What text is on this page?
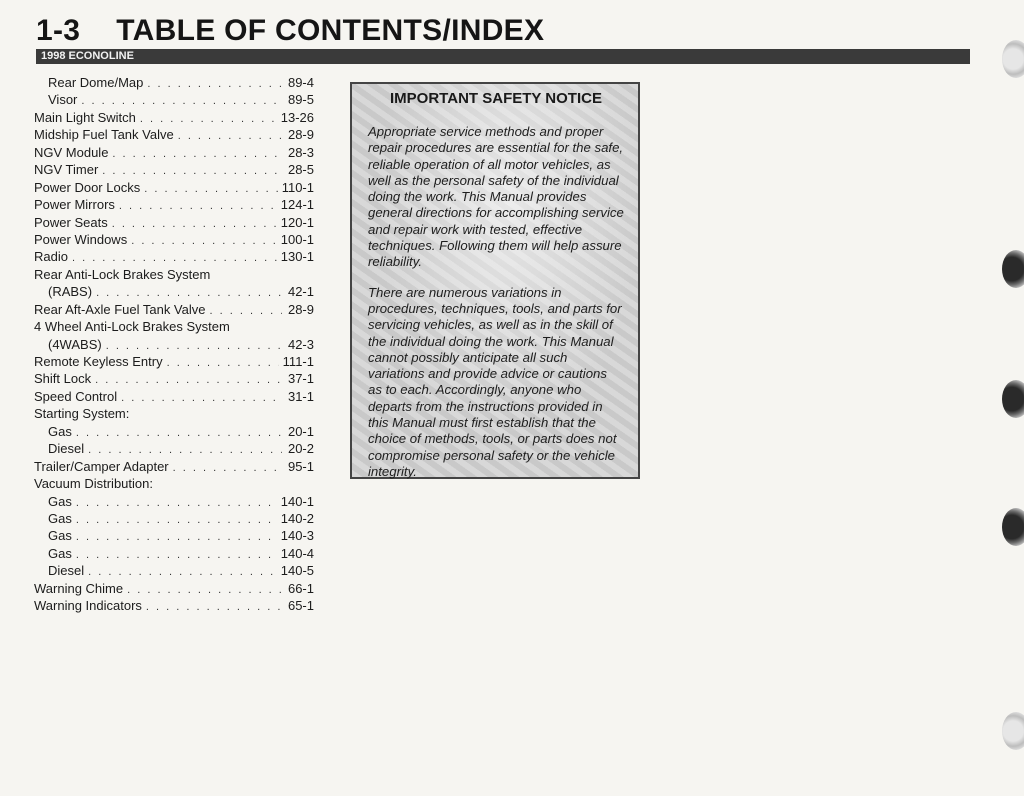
1-3 TABLE OF CONTENTS/INDEX
1998 ECONOLINE
Rear Dome/Map . . .	89-4
Visor . . .	89-5
Main Light Switch . . .	13-26
Midship Fuel Tank Valve . . .	28-9
NGV Module . . .	28-3
NGV Timer . . .	28-5
Power Door Locks . . .	110-1
Power Mirrors . . .	124-1
Power Seats . . .	120-1
Power Windows . . .	100-1
Radio . . .	130-1
Rear Anti-Lock Brakes System
(RABS) . . .	42-1
Rear Aft-Axle Fuel Tank Valve . . .	28-9
4 Wheel Anti-Lock Brakes System
(4WABS) . . .	42-3
Remote Keyless Entry . . .	111-1
Shift Lock . . .	37-1
Speed Control . . .	31-1
Starting System:
Gas . . .	20-1
Diesel . . .	20-2
Trailer/Camper Adapter . . .	95-1
Vacuum Distribution:
Gas . . .	140-1
Gas . . .	140-2
Gas . . .	140-3
Gas . . .	140-4
Diesel . . .	140-5
Warning Chime . . .	66-1
Warning Indicators . . .	65-1
IMPORTANT SAFETY NOTICE

Appropriate service methods and proper repair procedures are essential for the safe, reliable operation of all motor vehicles, as well as the personal safety of the individual doing the work. This Manual provides general directions for accomplishing service and repair work with tested, effective techniques. Following them will help assure reliability.

There are numerous variations in procedures, techniques, tools, and parts for servicing vehicles, as well as in the skill of the individual doing the work. This Manual cannot possibly anticipate all such variations and provide advice or cautions as to each. Accordingly, anyone who departs from the instructions provided in this Manual must first establish that the choice of methods, tools, or parts does not compromise personal safety or the vehicle integrity.
